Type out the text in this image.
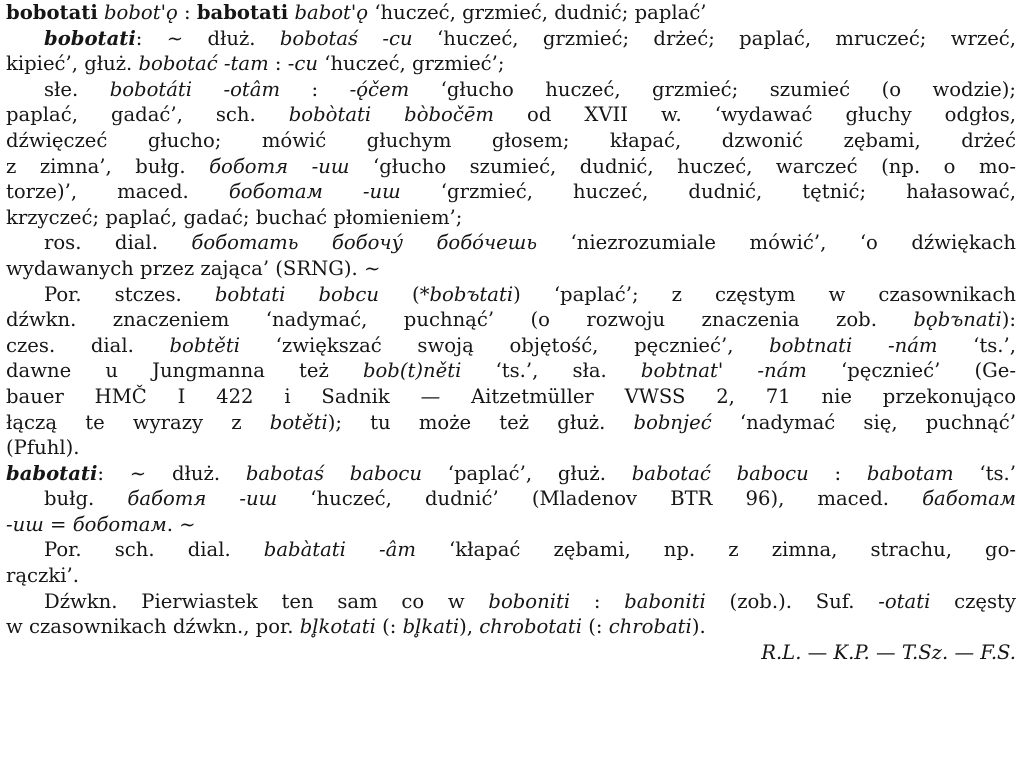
bobotati bobot'ǫ : babotati babot'ǫ ‘huczeć, grzmieć, dudnić; paplać’
bobotati: ∼ dłuż. bobotaś -cu ‘huczeć, grzmieć; drżeć; paplać, mruczeć; wrzeć,
kipieć’, głuż. bobotać -tam : -cu ‘huczeć, grzmieć’;
słe. bobotáti -otâm : -ǫ́čem ‘głucho huczeć, grzmieć; szumieć (o wodzie);
paplać, gadać’, sch. bobòtati bòbočēm od XVII w. ‘wydawać głuchy odgłos,
dźwięczeć głucho; mówić głuchym głosem; kłapać, dzwonić zębami, drżeć
z zimna’, bułg. боботя -иш ‘głucho szumieć, dudnić, huczeć, warczeć (np. o mo-
torze)’, maced. боботам -иш ‘grzmieć, huczeć, dudnić, tętnić; hałasować,
krzyczeć; paplać, gadać; buchać płomieniem’;
ros. dial. боботать бобочу́ бобо́чешь ‘niezrozumiale mówić’, ‘o dźwiękach
wydawanych przez zająca’ (SRNG). ∼
Por. stczes. bobtati bobcu (*bobъtati) ‘paplać’; z częstym w czasownikach
dźwkn. znaczeniem ‘nadymać, puchnąć’ (o rozwoju znaczenia zob. bǫbъnati):
czes. dial. bobtěti ‘zwiększać swoją objętość, pęcznieć’, bobtnati -nám ‘ts.’,
dawne u Jungmanna też bob(t)něti ‘ts.’, sła. bobtnat' -nám ‘pęcznieć’ (Ge-
bauer HMČ I 422 i Sadnik — Aitzetmüller VWSS 2, 71 nie przekonująco
łączą te wyrazy z botěti); tu może też głuż. bobnjeć ‘nadymać się, puchnąć’
(Pfuhl).
babotati: ∼ dłuż. babotaś babocu ‘paplać’, głuż. babotać babocu : babotam ‘ts.’
bułg. баботя -иш ‘huczeć, dudnić’ (Mladenov BTR 96), maced. баботам
-иш = боботам. ∼
Por. sch. dial. babàtati -âm ‘kłapać zębami, np. z zimna, strachu, go-
rączki’.
Dźwkn. Pierwiastek ten sam co w boboniti : baboniti (zob.). Suf. -otati częsty
w czasownikach dźwkn., por. bl̥kotati (: bl̥kati), chrobotati (: chrobati).
R.L. — K.P. — T.Sz. — F.S.
